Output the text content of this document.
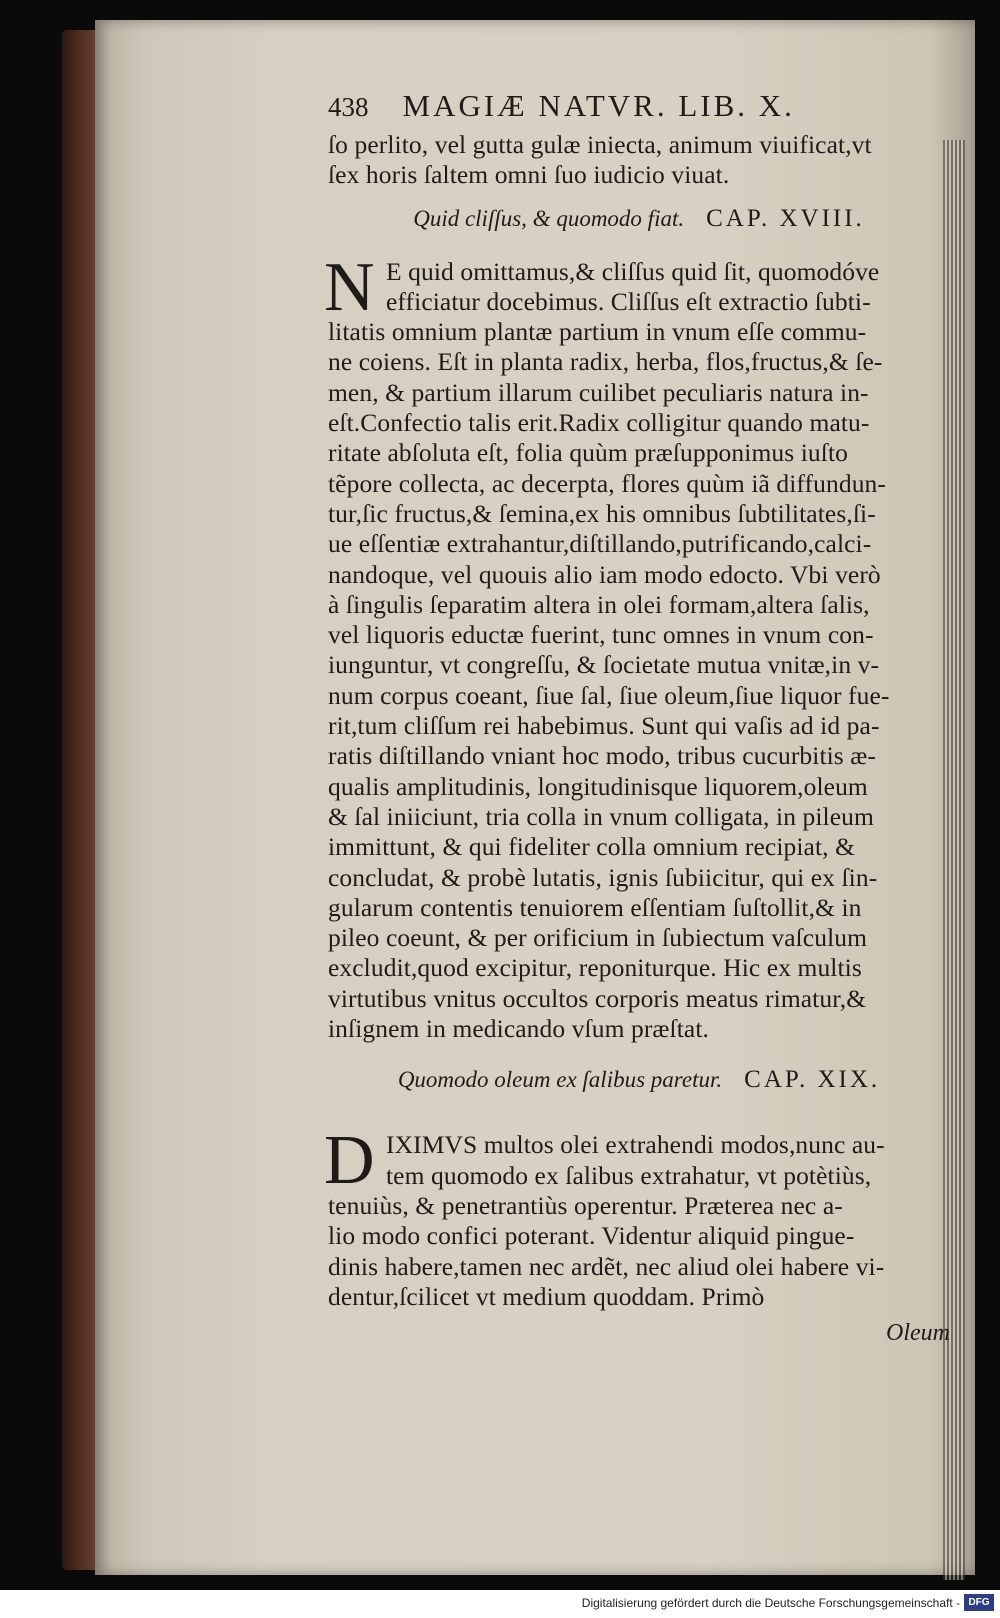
438 MAGIÆ NATVR. LIB. X.
ſo perlito, vel gutta gulæ iniecta, animum viuificat,vt
ſex horis ſaltem omni ſuo iudicio viuat.
Quid cliſſus, & quomodo fiat. CAP. XVIII.
N E quid omittamus,& cliſſus quid ſit, quomodóve
efficiatur docebimus. Cliſſus eſt extractio ſubti-
litatis omnium plantæ partium in vnum eſſe commu-
ne coiens. Eſt in planta radix, herba, flos,fructus,& ſe-
men, & partium illarum cuilibet peculiaris natura in-
eſt.Confectio talis erit.Radix colligitur quando matu-
ritate abſoluta eſt, folia quùm præſupponimus iuſto
tẽpore collecta, ac decerpta, flores quùm iã diffundun-
tur,ſic fructus,& ſemina,ex his omnibus ſubtilitates,ſi-
ue eſſentiæ extrahantur,diſtillando,putrificando,calci-
nandoque, vel quouis alio iam modo edocto. Vbi verò
à ſingulis ſeparatim altera in olei formam,altera ſalis,
vel liquoris eductæ fuerint, tunc omnes in vnum con-
iunguntur, vt congreſſu, & ſocietate mutua vnitæ,in v-
num corpus coeant, ſiue ſal, ſiue oleum,ſiue liquor fue-
rit,tum cliſſum rei habebimus. Sunt qui vaſis ad id pa-
ratis diſtillando vniant hoc modo, tribus cucurbitis æ-
qualis amplitudinis, longitudinisque liquorem,oleum
& ſal iniiciunt, tria colla in vnum colligata, in pileum
immittunt, & qui fideliter colla omnium recipiat, &
concludat, & probè lutatis, ignis ſubiicitur, qui ex ſin-
gularum contentis tenuiorem eſſentiam ſuſtollit,& in
pileo coeunt, & per orificium in ſubiectum vaſculum
excludit,quod excipitur, reponiturque. Hic ex multis
virtutibus vnitus occultos corporis meatus rimatur,&
inſignem in medicando vſum præſtat.
Quomodo oleum ex ſalibus paretur. CAP. XIX.
D IXIMVS multos olei extrahendi modos,nunc au-
tem quomodo ex ſalibus extrahatur, vt potètiùs,
tenuiùs, & penetrantiùs operentur. Præterea nec a-
lio modo confici poterant. Videntur aliquid pingue-
dinis habere,tamen nec ardẽt, nec aliud olei habere vi-
dentur,ſcilicet vt medium quoddam. Primò
Oleum
Digitalisierung gefördert durch die Deutsche Forschungsgemeinschaft - DFG
